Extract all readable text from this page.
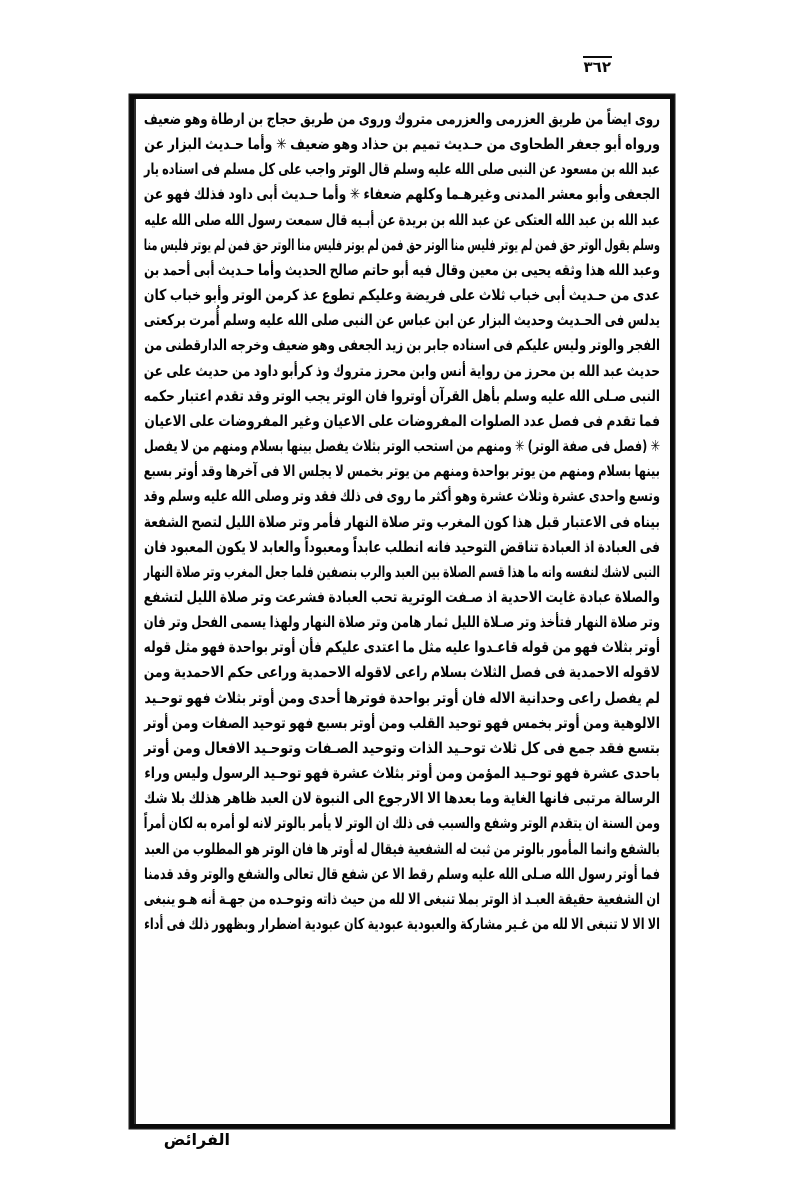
٣٦٢

روى ايضاً من طريق العزرمى والعزرمى متروك وروى من طريق حجاج بن ارطاة وهو ضعيف

ورواه أبو جعفر الطحاوى من حـديث تميم بن حذاد وهو ضعيف ✳ وأما حـديث البزار عن

عبد الله بن مسعود عن النبى صلى الله عليه وسلم قال الوتر واجب على كل مسلم فى اسناده يار

الجعفى وأبو معشر المدنى وغيرهـما وكلهم ضعفاء ✳ وأما حـديث أبى داود فذلك فهو عن

عبد الله بن عبد الله العتكى عن عبد الله بن بريدة عن أبـيه قال سمعت رسول الله صلى الله عليه

وسلم يقول الوتر حق فمن لم يوتر فليس منا الوتر حق فمن لم يوتر فليس منا الوتر حق فمن لم يوتر فليس منا

وعبد الله هذا وثقه يحيى بن معين وقال فيه أبو حاتم صالح الحديث وأما حـديث أبى أحمد بن

عدى من حـديث أبى خباب ثلاث على فريضة وعليكم تطوع عذ كرمن الوتر وأبو خباب كان

يدلس فى الحـديث وحديث البزار عن ابن عباس عن النبى صلى الله عليه وسلم أُمرت بركعتى

الفجر والوتر وليس عليكم فى اسناده جابر بن زيد الجعفى وهو ضعيف وخرجه الدارقطنى من

حديث عبد الله بن محرز من رواية أنس وابن محرز متروك وذ كرأبو داود من حديث على عن

النبى صـلى الله عليه وسلم بأهل القرآن أوتروا فان الوتر يجب الوتر وقد تقدم اعتبار حكمه

فما تقدم فى فصل عدد الصلوات المفروضات على الاعيان وغير المفروضات على الاعيان

✳ (فصل فى صفة الوتر) ✳ ومنهم من استحب الوتر بثلاث يفصل بينها بسلام ومنهم من لا يفصل

بينها بسلام ومنهم من يوتر بواحدة ومنهم من يوتر بخمس لا يجلس الا فى آخرها وقد أوتر بسبع

وتسع واحدى عشرة وثلاث عشرة وهو أكثر ما روى فى ذلك فقد وتر وصلى الله عليه وسلم وقد

بيناه فى الاعتبار قبل هذا كون المغرب وتر صلاة النهار فأمر وتر صلاة الليل لتصح الشفعة

فى العبادة اذ العبادة تناقض التوحيد فانه انطلب عابداً ومعبوداً والعابد لا يكون المعبود فان

النبى لاشك لنفسه وانه ما هذا قسم الصلاة بين العبد والرب بنصفين فلما جعل المغرب وتر صلاة النهار

والصلاة عبادة غايت الاحدية اذ صـفت الوترية تحب العبادة فشرعت وتر صلاة الليل لتشفع

وتر صلاة النهار فتأخذ وتر صـلاة الليل ثمار هامن وتر صلاة النهار ولهذا يسمى الفحل وتر فان

أوتر بثلاث فهو من قوله قاعـدوا عليه مثل ما اعتدى عليكم فأن أوتر بواحدة فهو مثل قوله

لاقوله الاحمدية فى فصل الثلاث بسلام راعى لاقوله الاحمدية وراعى حكم الاحمدية ومن

لم يفصل راعى وحدانية الاله فان أوتر بواحدة فوترها أحدى ومن أوتر بثلاث فهو توحـيد

الالوهية ومن أوتر بخمس فهو توحيد القلب ومن أوتر بسبع فهو توحيد الصفات ومن أوتر

بتسع فقد جمع فى كل ثلاث توحـيد الذات وتوحيد الصـفات وتوحـيد الافعال ومن أوتر

باحدى عشرة فهو توحـيد المؤمن ومن أوتر بثلاث عشرة فهو توحـيد الرسول وليس وراء

الرسالة مرتبى فانها الغاية وما بعدها الا الارجوع الى النبوة لان العبد ظاهر هذلك بلا شك

ومن السنة ان يتقدم الوتر وشفع والسبب فى ذلك ان الوتر لا يأمر بالوتر لانه لو أمره به لكان أمراً

بالشفع وانما المأمور بالوتر من ثبت له الشفعية فيقال له أوتر ها فان الوتر هو المطلوب من العبد

فما أوتر رسول الله صـلى الله عليه وسلم رقط الا عن شفع قال تعالى والشفع والوتر وقد قدمنا

ان الشفعية حقيقة العبـد اذ الوتر بملا تنبغى الا لله من حيث ذاته وتوحـده من جهـة أنه هـو ينبغى

الا الا لا تنبغى الا لله من غـير مشاركة والعبودية عبودية كان عبودية اضطرار وبظهور ذلك فى أداء

الفرائض
